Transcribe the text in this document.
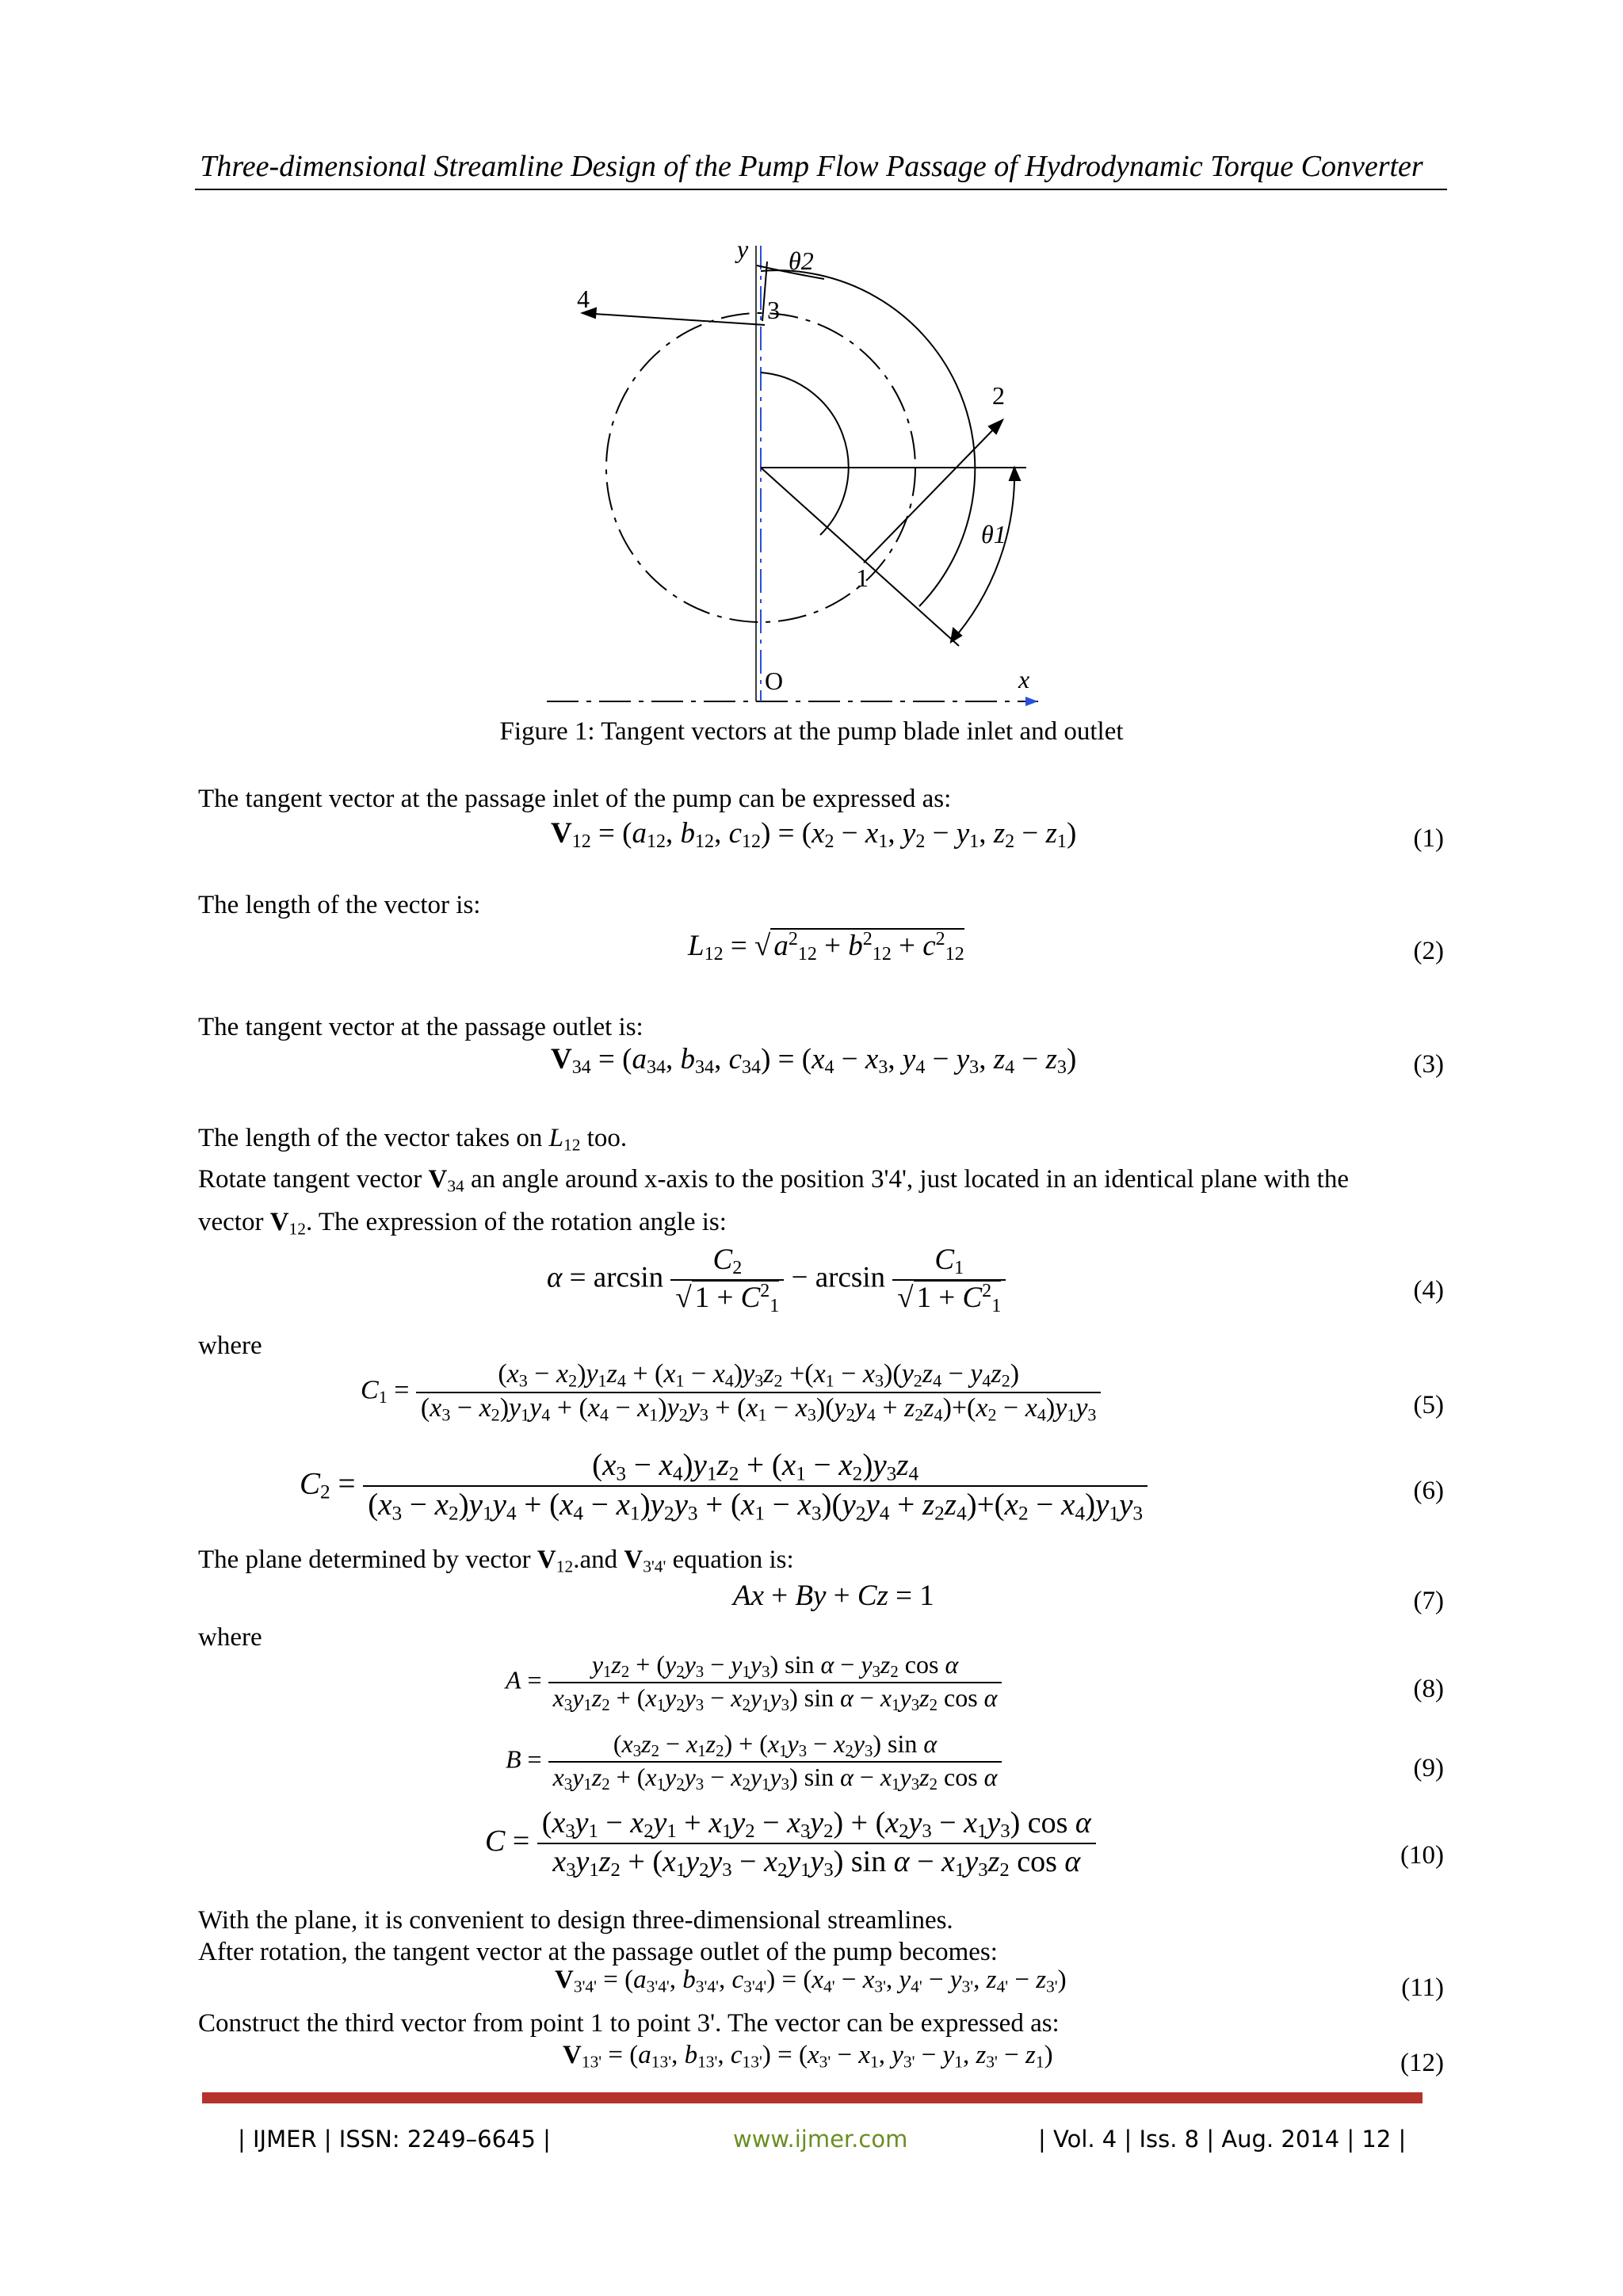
Three-dimensional Streamline Design of the Pump Flow Passage of Hydrodynamic Torque Converter
y θ2
4	3
2
θ1
1
O	x
Figure 1: Tangent vectors at the pump blade inlet and outlet
The tangent vector at the passage inlet of the pump can be expressed as:
$V_{12} = (a_{12}$, $b_{12}$, $c_{12}) = (x_2 - x_1$, $y_2 - y_1$, $z_2 - z_1$)	(1)
The length of the vector is:
$L_{12}$ = √ $a^2_{12} + b^2_{12} + c^2_{12}$	(2)
The tangent vector at the passage outlet is:
$V_{34} = (a_{34}$, $b_{34}$, $c_{34}) = (x_4 - x_3$, $y_4 - y_3$, $z_4 - z_3$)	(3)
The length of the vector takes on $L_{12}$ too.
Rotate tangent vector $V_{34}$ an angle around x-axis to the position 3'4', just located in an identical plane with the
vector $V_{12}$. The expression of the rotation angle is:
$\alpha = \arcsin \frac{C_2}{√ 1 + C^2_1} - \arcsin \frac{C_1}{√ 1 + C^2_1}$	(4)
where
$C_1$ =
$(x_3 - x_2)y_1z_4 + (x_1 - x_4)y_3z_2 +(x_1 - x_3)(y_2z_4 - y_4z_2)$
$(x_3 - x_2)y_1y_4 + (x_4 - x_1)y_2y_3 + (x_1 - x_3)(y_2y_4 + z_2z_4)+(x_2 - x_4)y_1y_3$	(5)
$C_2$ =
$(x_3 - x_4)y_1z_2 + (x_1 - x_2)y_3z_4$
$(x_3 - x_2)y_1y_4 + (x_4 - x_1)y_2y_3 + (x_1 - x_3)(y_2y_4 + z_2z_4)+(x_2 - x_4)y_1y_3$
(6)
The plane determined by vector $V_{12}.and$ $V_{3'4'}$ equation is:
Ax + By + Cz = 1	(7)
where
$A = \frac{y_1z_2 + (y_2y_3 - y_1y_3) \sin \alpha - y_3z_2 \cos \alpha}{x_3y_1z_2 + (x_1y_2y_3 - x_2y_1y_3) \sin \alpha - x_1y_3z_2 \cos \alpha}$	(8)
$B = \frac{(x_3z_2 - x_1z_2) + (x_1y_3 - x_2y_3) \sin \alpha}{x_3y_1z_2 + (x_1y_2y_3 - x_2y_1y_3) \sin \alpha - x_1y_3z_2 \cos \alpha}$	(9)
$C = \frac{(x_3y_1 - x_2y_1 + x_1y_2 - x_3y_2) + (x_2y_3 - x_1y_3) \cos \alpha}{x_3y_1z_2 + (x_1y_2y_3 - x_2y_1y_3) \sin \alpha - x_1y_3z_2 \cos \alpha}$	(10)
With the plane, it is convenient to design three-dimensional streamlines.
After rotation, the tangent vector at the passage outlet of the pump becomes:
$V_{3'4'} = (a_{3'4'}$, $b_{3'4'}$, $c_{3'4'}) = (x_{4'} - x_{3'}$, $y_{4'} - y_{3'}$, $z_{4'} - z_{3'}$)	(11)
Construct the third vector from point 1 to point 3'. The vector can be expressed as:
$V_{13'} = (a_{13'}$, $b_{13'}$, $c_{13'}) = (x_{3'} - x_1$, $y_{3'} - y_1$, $z_{3'} - z_1$)	(12)
| IJMER | ISSN: 2249–6645 |	www.ijmer.com	| Vol. 4 | Iss. 8 | Aug. 2014 | 12 |
